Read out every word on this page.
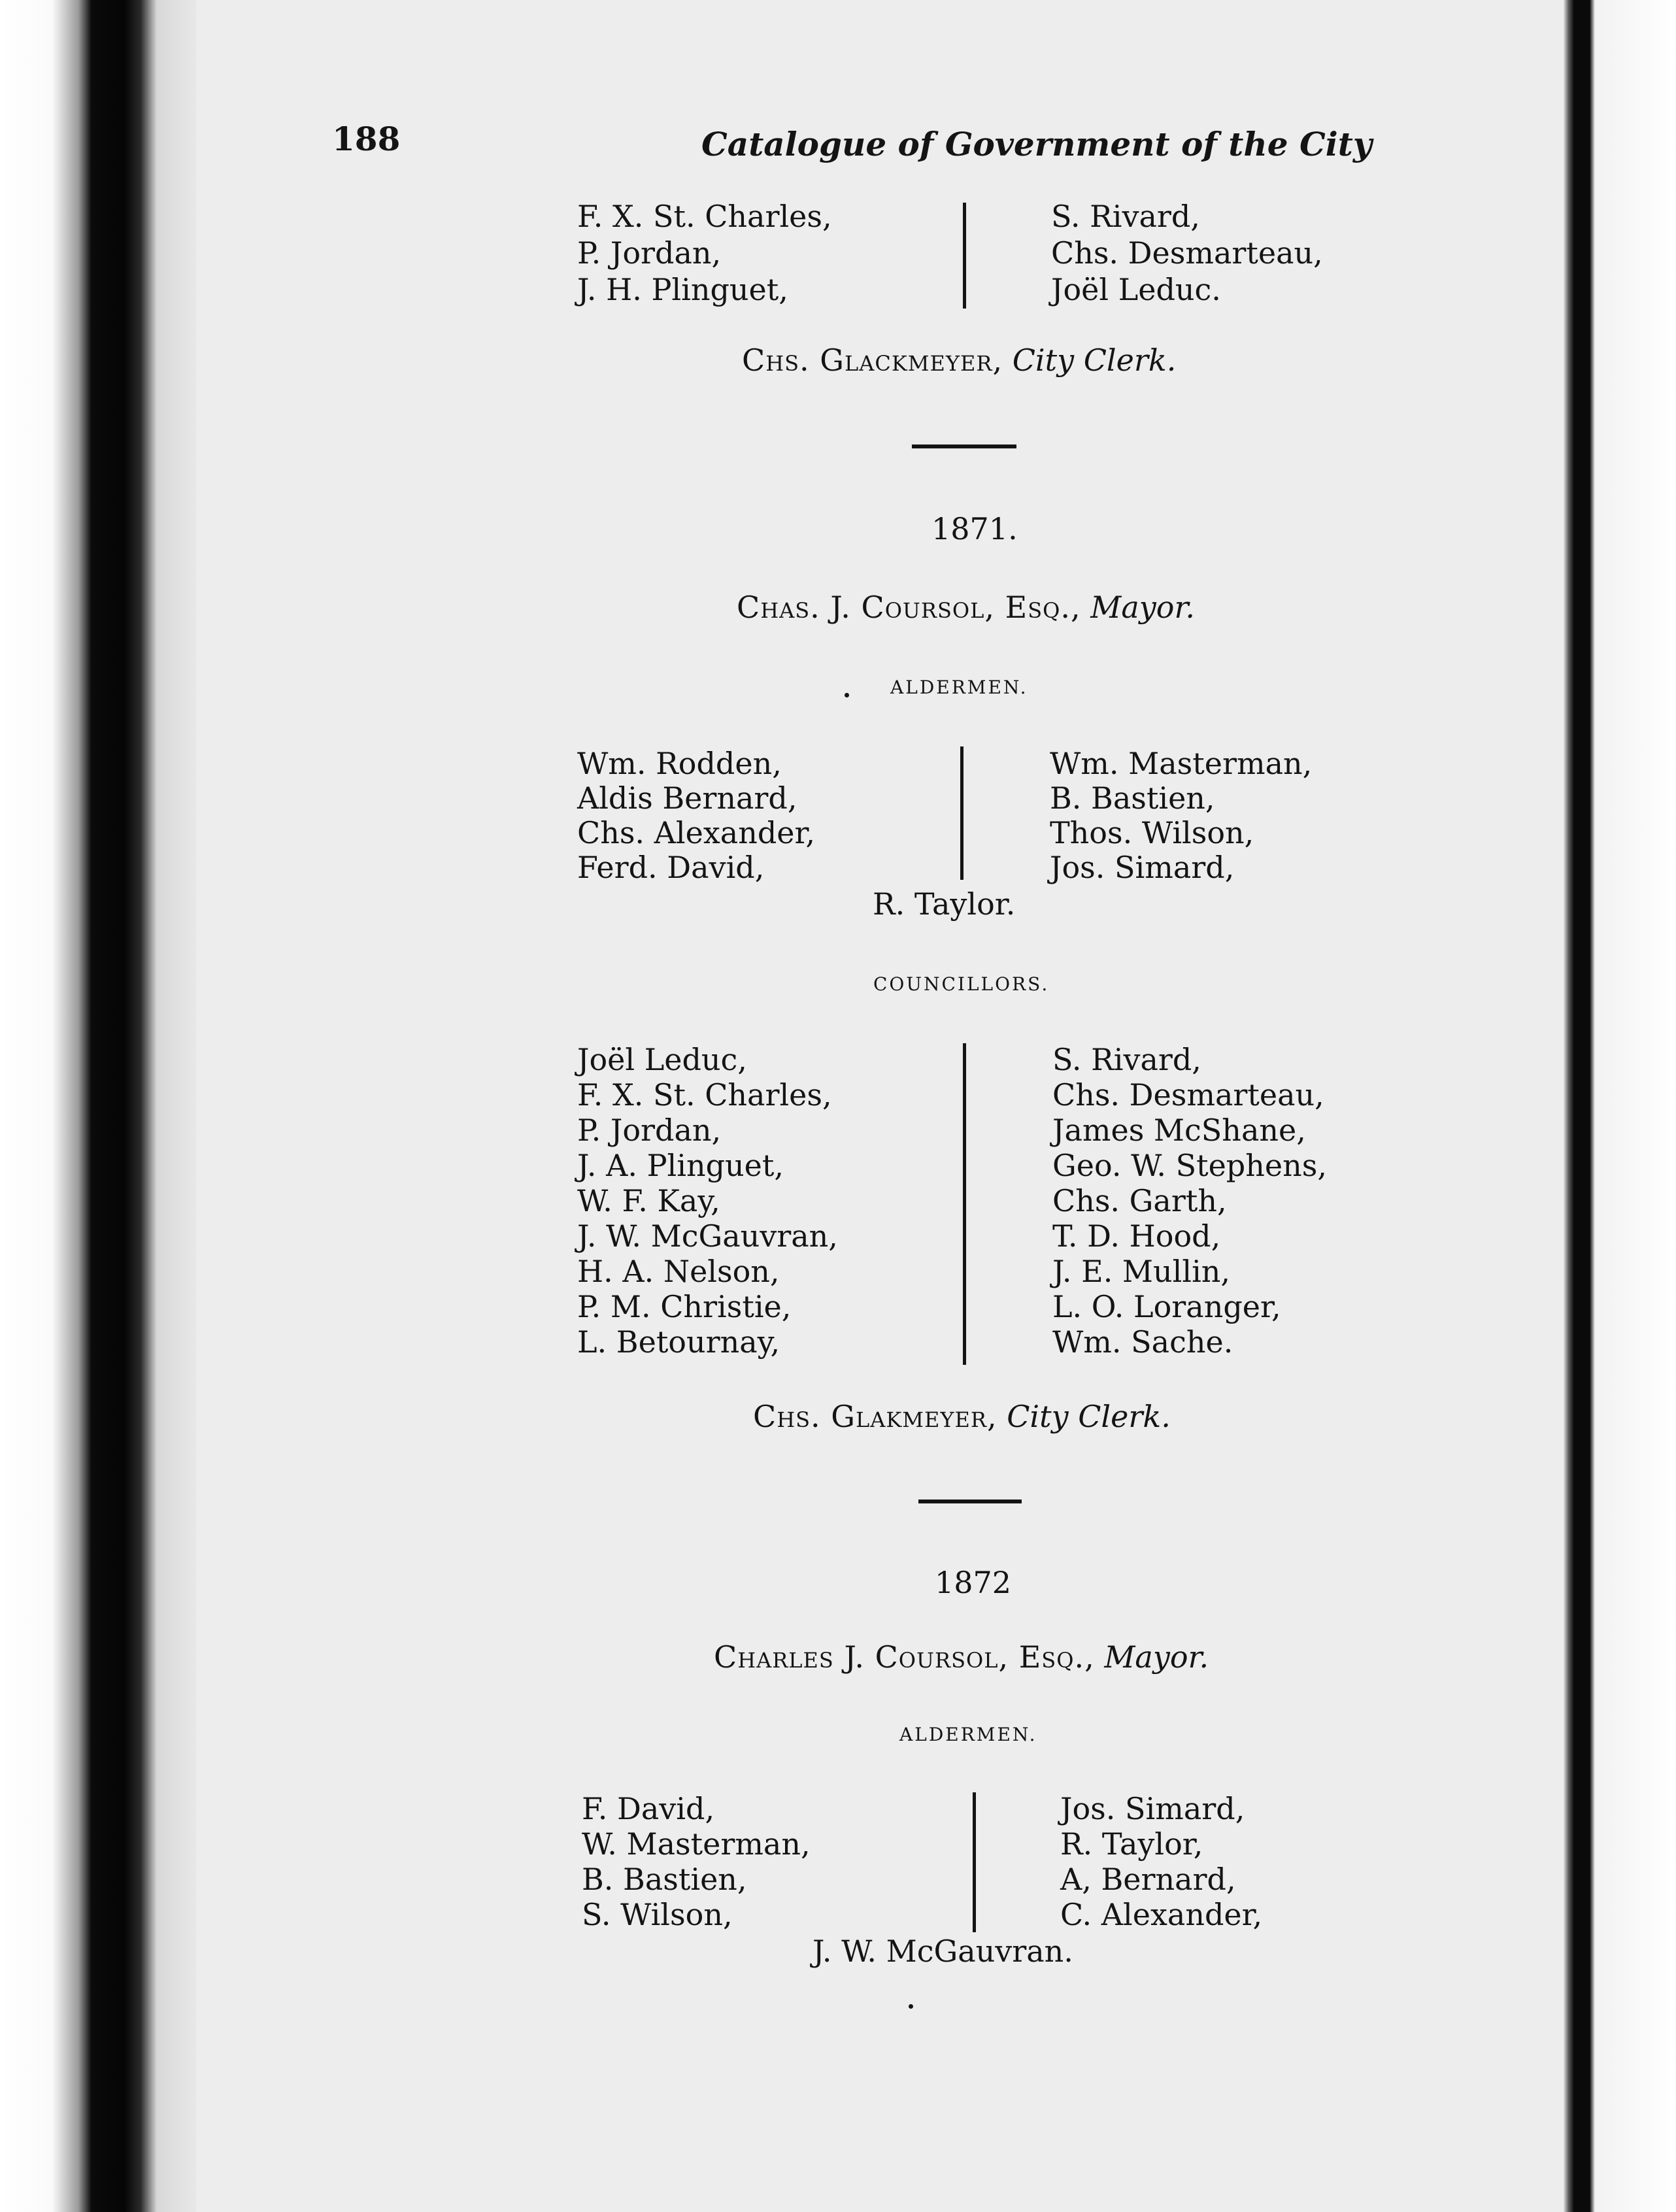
188	Catalogue of Government of the City
F. X. St. Charles,
P. Jordan,
J. H. Plinguet,
S. Rivard,
Chs. Desmarteau,
Joël Leduc.
Chs. Glackmeyer, City Clerk.
1871.
Chas. J. Coursol, Esq., Mayor.
ALDERMEN.
Wm. Rodden,
Aldis Bernard,
Chs. Alexander,
Ferd. David,
Wm. Masterman,
B. Bastien,
Thos. Wilson,
Jos. Simard,
R. Taylor.
COUNCILLORS.
Joël Leduc,
F. X. St. Charles,
P. Jordan,
J. A. Plinguet,
W. F. Kay,
J. W. McGauvran,
H. A. Nelson,
P. M. Christie,
L. Betournay,
S. Rivard,
Chs. Desmarteau,
James McShane,
Geo. W. Stephens,
Chs. Garth,
T. D. Hood,
J. E. Mullin,
L. O. Loranger,
Wm. Sache.
Chs. Glakmeyer, City Clerk.
1872
Charles J. Coursol, Esq., Mayor.
ALDERMEN.
F. David,
W. Masterman,
B. Bastien,
S. Wilson,
Jos. Simard,
R. Taylor,
A, Bernard,
C. Alexander,
J. W. McGauvran.
